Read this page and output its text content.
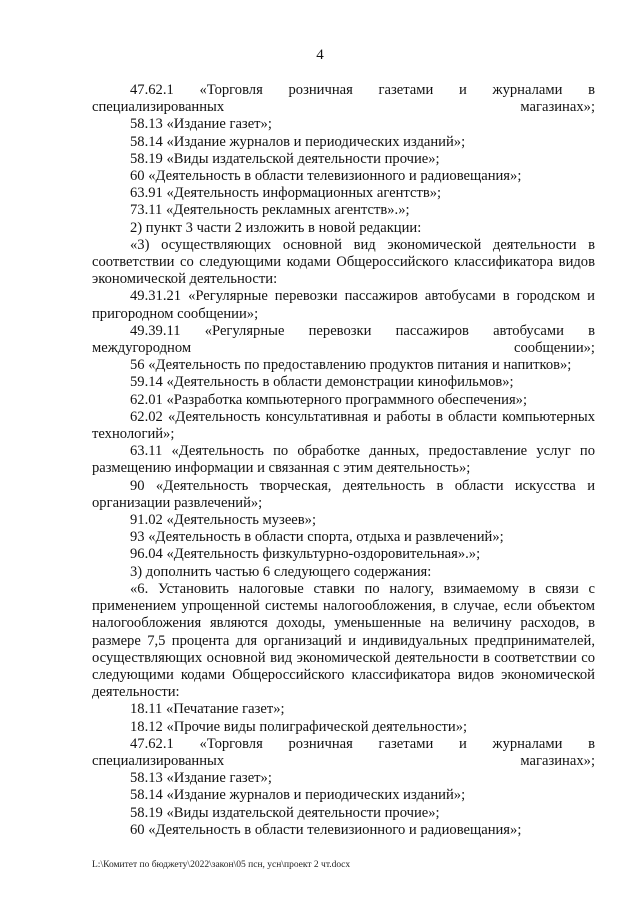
4

47.62.1 «Торговля розничная газетами и журналами в специализированных магазинах»;

58.13 «Издание газет»;

58.14 «Издание журналов и периодических изданий»;

58.19 «Виды издательской деятельности прочие»;

60 «Деятельность в области телевизионного и радиовещания»;

63.91 «Деятельность информационных агентств»;

73.11 «Деятельность рекламных агентств».»;

2) пункт 3 части 2 изложить в новой редакции:

«3) осуществляющих основной вид экономической деятельности в соответствии со следующими кодами Общероссийского классификатора видов экономической деятельности:

49.31.21 «Регулярные перевозки пассажиров автобусами в городском и пригородном сообщении»;

49.39.11 «Регулярные перевозки пассажиров автобусами в междугородном сообщении»;

56 «Деятельность по предоставлению продуктов питания и напитков»;

59.14 «Деятельность в области демонстрации кинофильмов»;

62.01 «Разработка компьютерного программного обеспечения»;

62.02 «Деятельность консультативная и работы в области компьютерных технологий»;

63.11 «Деятельность по обработке данных, предоставление услуг по размещению информации и связанная с этим деятельность»;

90 «Деятельность творческая, деятельность в области искусства и организации развлечений»;

91.02 «Деятельность музеев»;

93 «Деятельность в области спорта, отдыха и развлечений»;

96.04 «Деятельность физкультурно-оздоровительная».»;

3) дополнить частью 6 следующего содержания:

«6. Установить налоговые ставки по налогу, взимаемому в связи с применением упрощенной системы налогообложения, в случае, если объектом налогообложения являются доходы, уменьшенные на величину расходов, в размере 7,5 процента для организаций и индивидуальных предпринимателей, осуществляющих основной вид экономической деятельности в соответствии со следующими кодами Общероссийского классификатора видов экономической деятельности:

18.11 «Печатание газет»;

18.12 «Прочие виды полиграфической деятельности»;

47.62.1 «Торговля розничная газетами и журналами в специализированных магазинах»;

58.13 «Издание газет»;

58.14 «Издание журналов и периодических изданий»;

58.19 «Виды издательской деятельности прочие»;

60 «Деятельность в области телевизионного и радиовещания»;

L:\Комитет по бюджету\2022\закон\05 псн, усн\проект 2 чт.docx
